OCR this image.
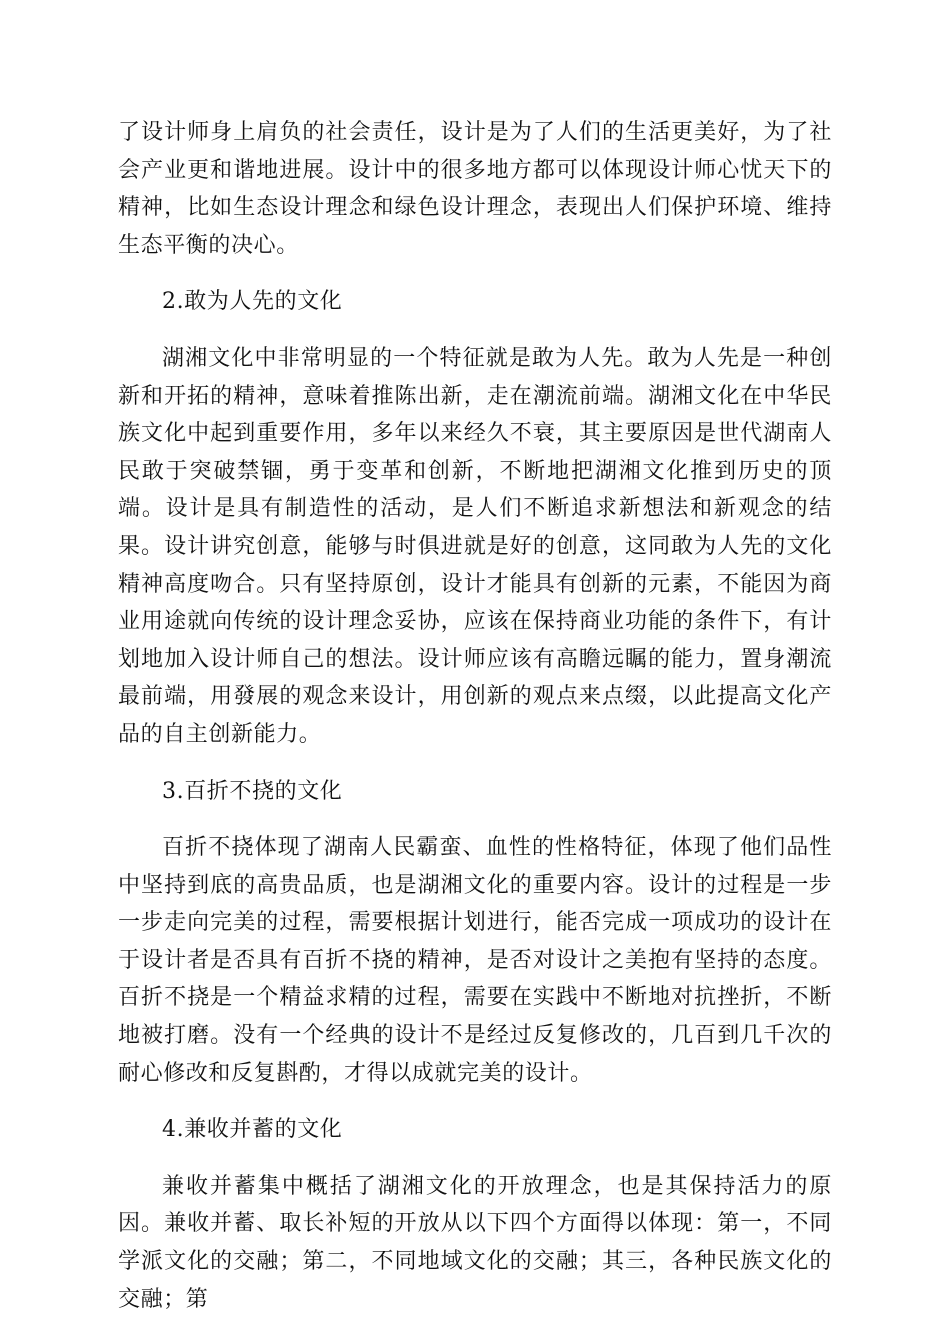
了设计师身上肩负的社会责任，设计是为了人们的生活更美好，为了社会产业更和谐地进展。设计中的很多地方都可以体现设计师心忧天下的精神，比如生态设计理念和绿色设计理念，表现出人们保护环境、维持生态平衡的决心。

2.敢为人先的文化

湖湘文化中非常明显的一个特征就是敢为人先。敢为人先是一种创新和开拓的精神，意味着推陈出新，走在潮流前端。湖湘文化在中华民族文化中起到重要作用，多年以来经久不衰，其主要原因是世代湖南人民敢于突破禁锢，勇于变革和创新，不断地把湖湘文化推到历史的顶端。设计是具有制造性的活动，是人们不断追求新想法和新观念的结果。设计讲究创意，能够与时俱进就是好的创意，这同敢为人先的文化精神高度吻合。只有坚持原创，设计才能具有创新的元素，不能因为商业用途就向传统的设计理念妥协，应该在保持商业功能的条件下，有计划地加入设计师自己的想法。设计师应该有高瞻远瞩的能力，置身潮流最前端，用發展的观念来设计，用创新的观点来点缀，以此提高文化产品的自主创新能力。

3.百折不挠的文化

百折不挠体现了湖南人民霸蛮、血性的性格特征，体现了他们品性中坚持到底的高贵品质，也是湖湘文化的重要内容。设计的过程是一步一步走向完美的过程，需要根据计划进行，能否完成一项成功的设计在于设计者是否具有百折不挠的精神，是否对设计之美抱有坚持的态度。百折不挠是一个精益求精的过程，需要在实践中不断地对抗挫折，不断地被打磨。没有一个经典的设计不是经过反复修改的，几百到几千次的耐心修改和反复斟酌，才得以成就完美的设计。

4.兼收并蓄的文化

兼收并蓄集中概括了湖湘文化的开放理念，也是其保持活力的原因。兼收并蓄、取长补短的开放从以下四个方面得以体现：第一，不同学派文化的交融；第二，不同地域文化的交融；其三，各种民族文化的交融；第
